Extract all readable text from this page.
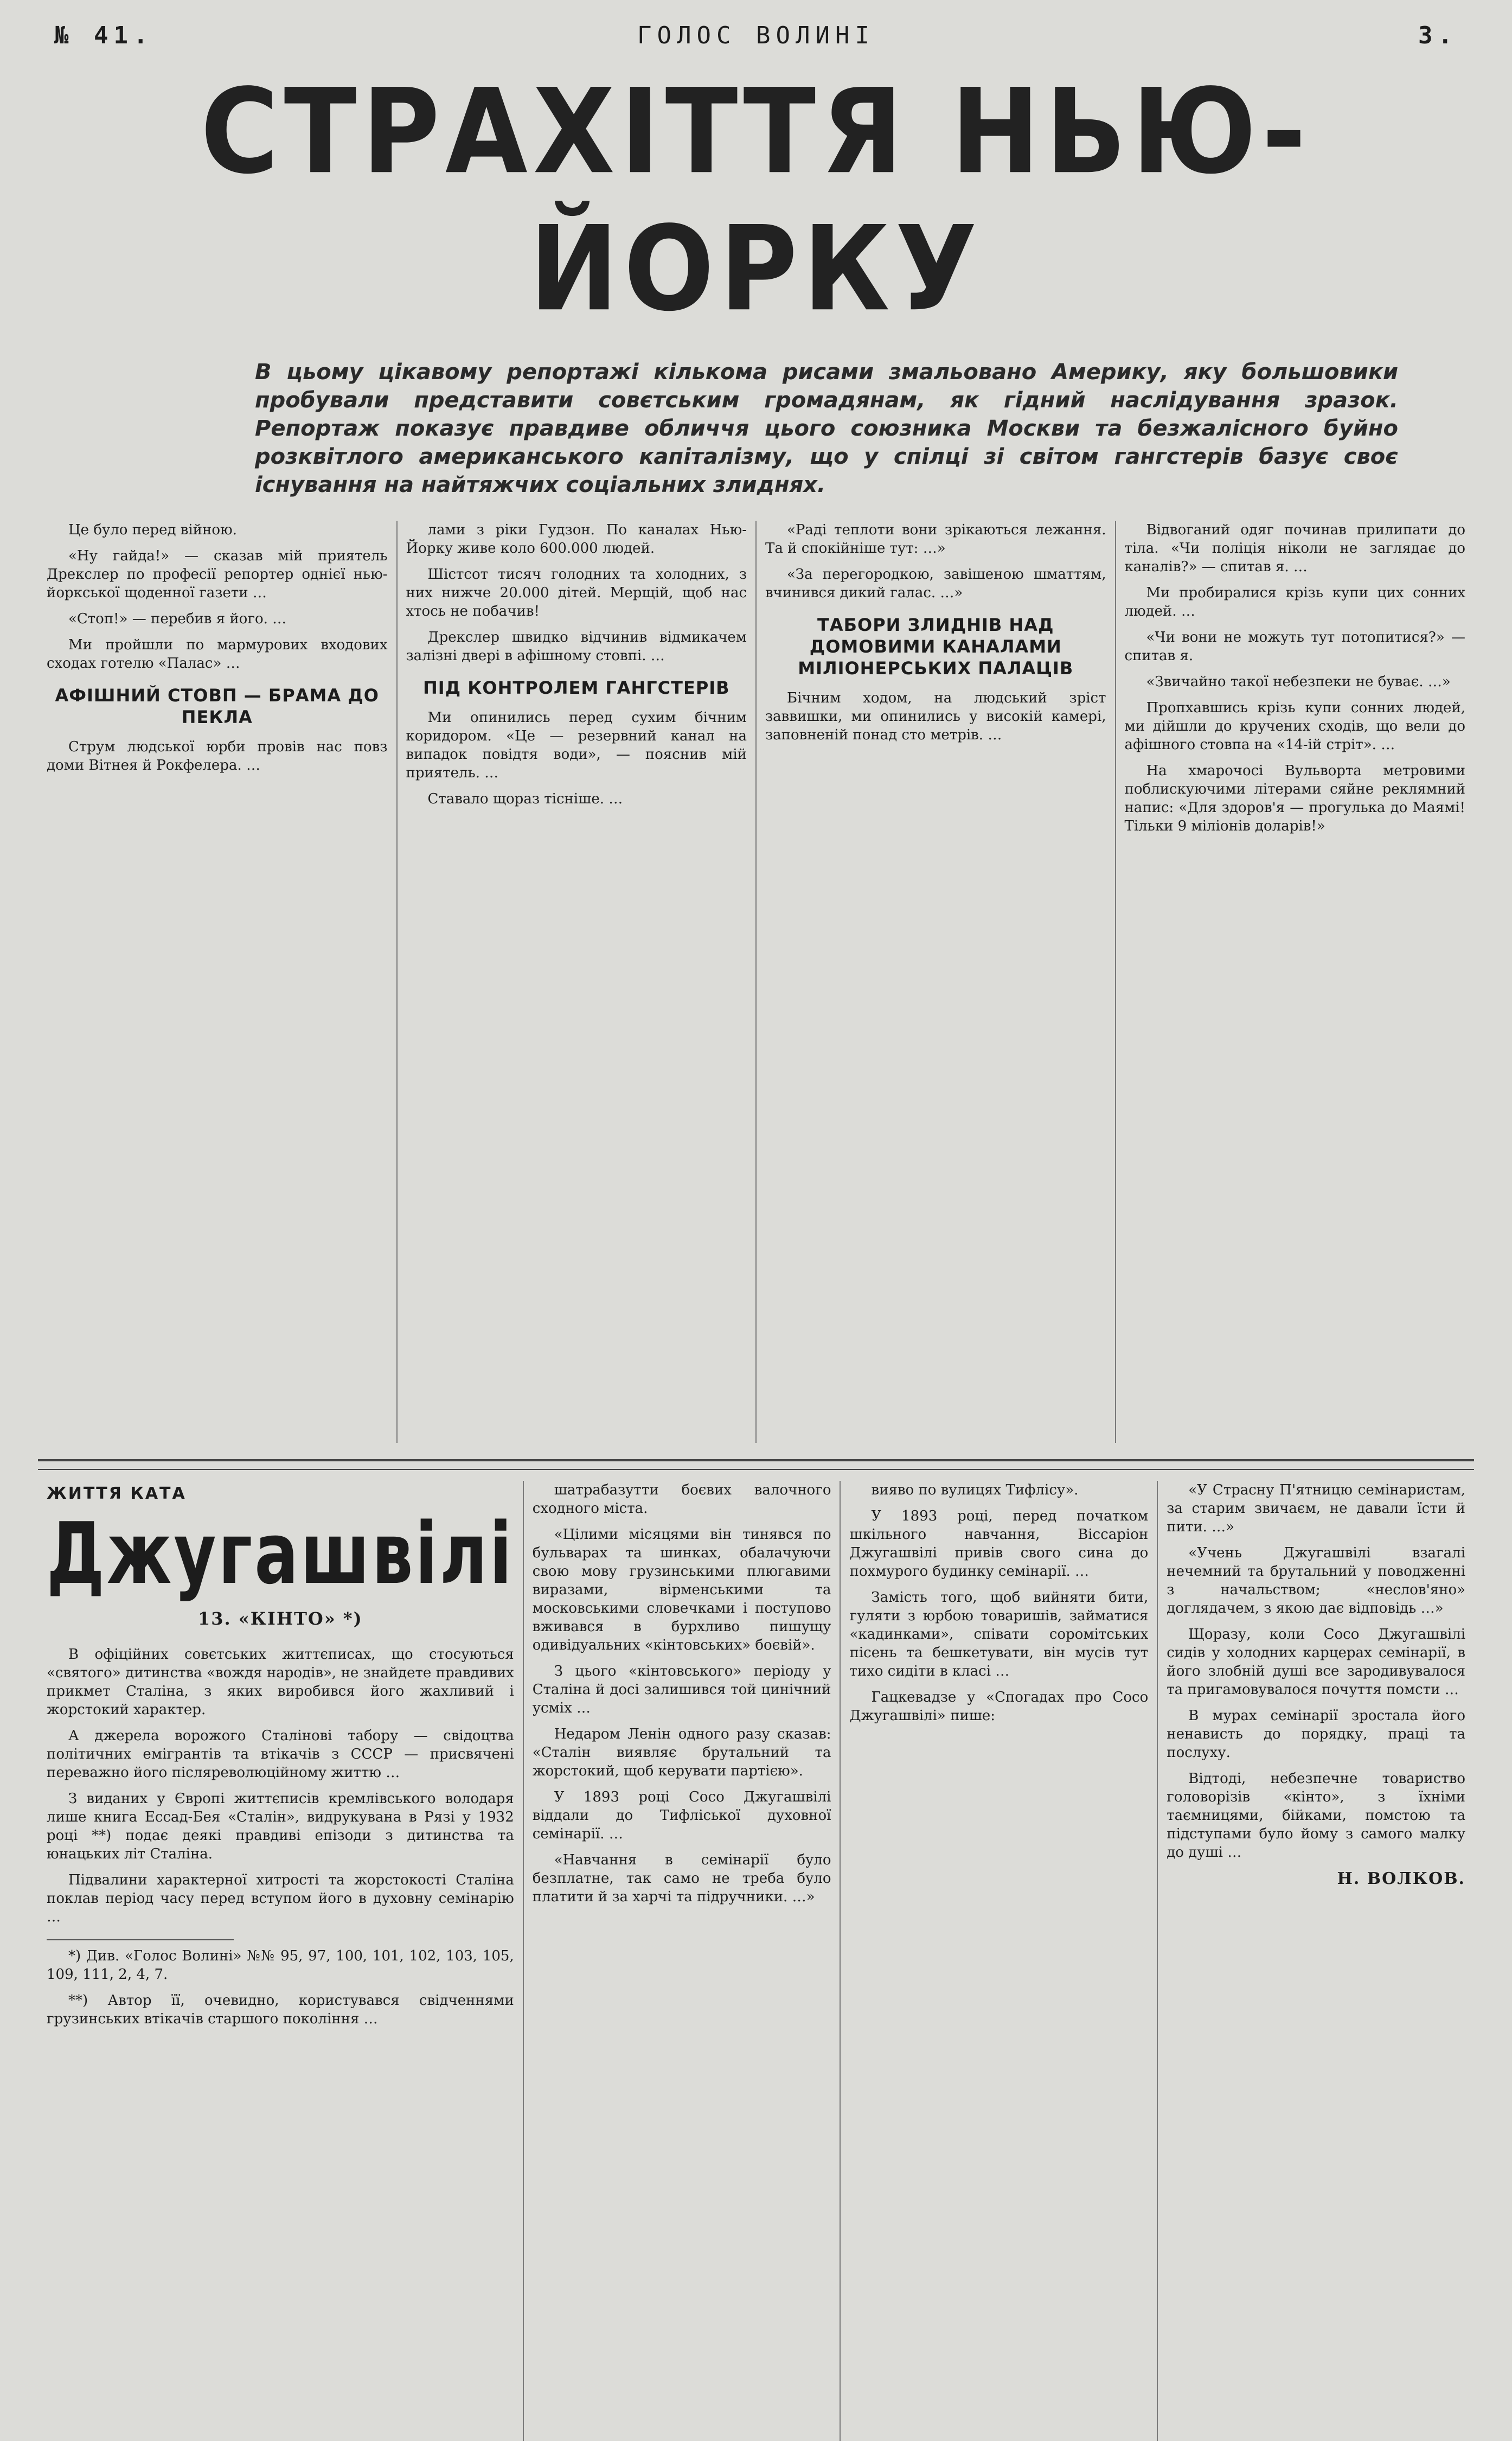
№ 41.	ГОЛОС ВОЛИНІ	3.
СТРАХІТТЯ НЬЮ-ЙОРКУ
В цьому цікавому репортажі кількома рисами змальовано Америку, яку большовики пробували представити совєтським громадянам, як гідний наслідування зразок. Репортаж показує правдиве обличчя цього союзника Москви та безжалісного буйно розквітлого американського капіталізму, що у спілці зі світом гангстерів базує своє існування на найтяжчих соціальних злиднях.

Це було перед війною.

«Ну гайда!» — сказав мій приятель Дрекслер по професії репортер однієї нью-йоркської щоденної газети …

«Стоп!» — перебив я його. …

Ми пройшли по мармурових входових сходах готелю «Палас» …

АФІШНИЙ СТОВП — БРАМА ДО ПЕКЛА

Струм людської юрби провів нас повз доми Вітнея й Рокфелера. …

лами з ріки Гудзон. По каналах Нью-Йорку живе коло 600.000 людей.

Шістсот тисяч голодних та холодних, з них нижче 20.000 дітей. Мерщій, щоб нас хтось не побачив!

Дрекслер швидко відчинив відмикачем залізні двері в афішному стовпі. …

ПІД КОНТРОЛЕМ ГАНГСТЕРІВ

Ми опинились перед сухим бічним коридором. «Це — резервний канал на випадок повідтя води», — пояснив мій приятель. …

Ставало щораз тісніше. …

«Раді теплоти вони зрікаються лежання. Та й спокійніше тут: …»

«За перегородкою, завішеною шматтям, вчинився дикий галас. …»

ТАБОРИ ЗЛИДНІВ НАД ДОМОВИМИ КАНАЛАМИ МІЛІОНЕРСЬКИХ ПАЛАЦІВ

Бічним ходом, на людський зріст заввишки, ми опинились у високій камері, заповненій понад сто метрів. …

Відвоганий одяг починав прилипати до тіла. «Чи поліція ніколи не заглядає до каналів?» — спитав я. …

Ми пробиралися крізь купи цих сонних людей. …

«Чи вони не можуть тут потопитися?» — спитав я.

«Звичайно такої небезпеки не буває. …»

Пропхавшись крізь купи сонних людей, ми дійшли до кручених сходів, що вели до афішного стовпа на «14-ій стріт». …

На хмарочосі Вульворта метровими поблискуючими літерами сяйне реклямний напис: «Для здоров'я — прогулька до Маямі! Тільки 9 міліонів доларів!»

ЖИТТЯ КАТА
Джугашвілі
13. «КІНТО» *)

В офіційних совєтських життєписах, що стосуються «святого» дитинства «вождя народів», не знайдете правдивих прикмет Сталіна, з яких виробився його жахливий і жорстокий характер.

А джерела ворожого Сталінові табору — свідоцтва політичних емігрантів та втікачів з СССР — присвячені переважно його післяреволюційному життю …

З виданих у Європі життєписів кремлівського володаря лише книга Ессад-Бея «Сталін», видрукувана в Рязі у 1932 році **) подає деякі правдиві епізоди з дитинства та юнацьких літ Сталіна.

Підвалини характерної хитрості та жорстокості Сталіна поклав період часу перед вступом його в духовну семінарію …

*) Див. «Голос Волині» №№ 95, 97, 100, 101, 102, 103, 105, 109, 111, 2, 4, 7.

**) Автор її, очевидно, користувався свідченнями грузинських втікачів старшого покоління …

шатрабазутти боєвих валочного сходного міста.

«Цілими місяцями він тинявся по бульварах та шинках, обалачуючи свою мову грузинськими плюгавими виразами, вірменськими та московськими словечками і поступово вживався в бурхливо пишущу одивідуальних «кінтовських» боєвій».

З цього «кінтовського» періоду у Сталіна й досі залишився той цинічний усміх …

Недаром Ленін одного разу сказав: «Сталін виявляє брутальний та жорстокий, щоб керувати партією».

У 1893 році Сосо Джугашвілі віддали до Тифліської духовної семінарії. …

«Навчання в семінарії було безплатне, так само не треба було платити й за харчі та підручники. …»

вияво по вулицях Тифлісу».

У 1893 році, перед початком шкільного навчання, Віссаріон Джугашвілі привів свого сина до похмурого будинку семінарії. …

Замість того, щоб вийняти бити, гуляти з юрбою товаришів, займатися «кадинками», співати соромітських пісень та бешкетувати, він мусів тут тихо сидіти в класі …

Гацкевадзе у «Спогадах про Сосо Джугашвілі» пише:

«У Страсну П'ятницю семінаристам, за старим звичаєм, не давали їсти й пити. …»

«Учень Джугашвілі взагалі нечемний та брутальний у поводженні з начальством; «неслов'яно» доглядачем, з якою дає відповідь …»

Щоразу, коли Сосо Джугашвілі сидів у холодних карцерах семінарії, в його злобній душі все зародивувалося та пригамовувалося почуття помсти …

В мурах семінарії зростала його ненависть до порядку, праці та послуху.

Відтоді, небезпечне товариство головорізів «кінто», з їхніми таємницями, бійками, помстою та підступами було йому з самого малку до душі …

Н. ВОЛКОВ.
